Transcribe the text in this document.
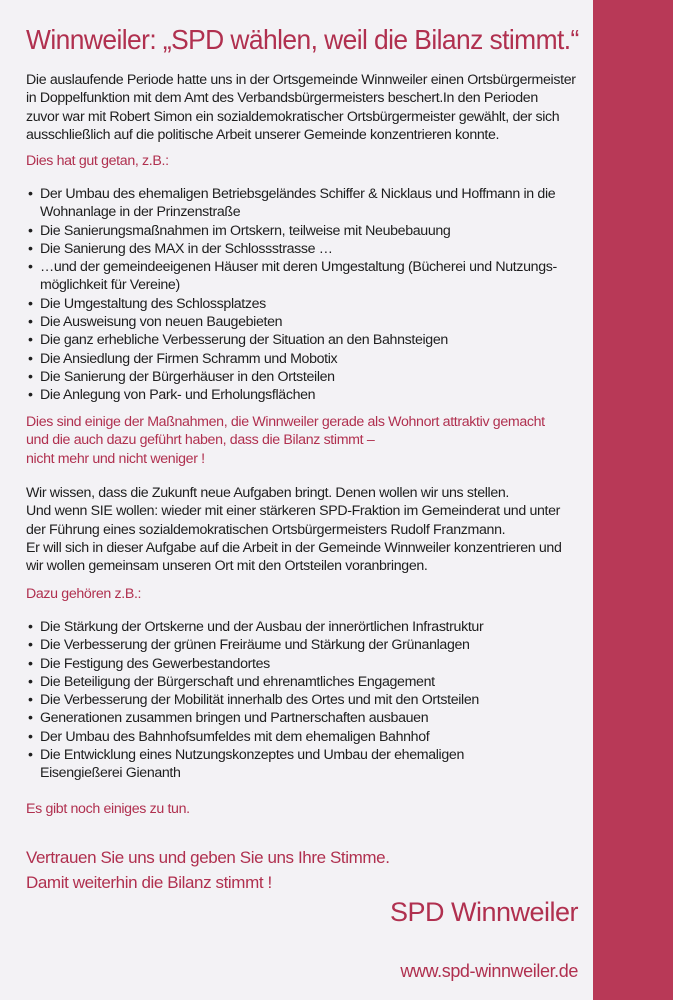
Winnweiler: „SPD wählen, weil die Bilanz stimmt.“
Die auslaufende Periode hatte uns in der Ortsgemeinde Winnweiler einen Ortsbürgermeister
in Doppelfunktion mit dem Amt des Verbandsbürgermeisters beschert.In den Perioden
zuvor war mit Robert Simon ein sozialdemokratischer Ortsbürgermeister gewählt, der sich
ausschließlich auf die politische Arbeit unserer Gemeinde konzentrieren konnte.
Dies hat gut getan, z.B.:
• Der Umbau des ehemaligen Betriebsgeländes Schiffer & Nicklaus und Hoffmann in die
Wohnanlage in der Prinzenstraße
• Die Sanierungsmaßnahmen im Ortskern, teilweise mit Neubebauung
• Die Sanierung des MAX in der Schlossstrasse …
• …und der gemeindeeigenen Häuser mit deren Umgestaltung (Bücherei und Nutzungs-
möglichkeit für Vereine)
• Die Umgestaltung des Schlossplatzes
• Die Ausweisung von neuen Baugebieten
• Die ganz erhebliche Verbesserung der Situation an den Bahnsteigen
• Die Ansiedlung der Firmen Schramm und Mobotix
• Die Sanierung der Bürgerhäuser in den Ortsteilen
• Die Anlegung von Park- und Erholungsflächen
Dies sind einige der Maßnahmen, die Winnweiler gerade als Wohnort attraktiv gemacht
und die auch dazu geführt haben, dass die Bilanz stimmt –
nicht mehr und nicht weniger !
Wir wissen, dass die Zukunft neue Aufgaben bringt. Denen wollen wir uns stellen.
Und wenn SIE wollen: wieder mit einer stärkeren SPD-Fraktion im Gemeinderat und unter
der Führung eines sozialdemokratischen Ortsbürgermeisters Rudolf Franzmann.
Er will sich in dieser Aufgabe auf die Arbeit in der Gemeinde Winnweiler konzentrieren und
wir wollen gemeinsam unseren Ort mit den Ortsteilen voranbringen.
Dazu gehören z.B.:
• Die Stärkung der Ortskerne und der Ausbau der innerörtlichen Infrastruktur
• Die Verbesserung der grünen Freiräume und Stärkung der Grünanlagen
• Die Festigung des Gewerbestandortes
• Die Beteiligung der Bürgerschaft und ehrenamtliches Engagement
• Die Verbesserung der Mobilität innerhalb des Ortes und mit den Ortsteilen
• Generationen zusammen bringen und Partnerschaften ausbauen
• Der Umbau des Bahnhofsumfeldes mit dem ehemaligen Bahnhof
• Die Entwicklung eines Nutzungskonzeptes und Umbau der ehemaligen
Eisengießerei Gienanth
Es gibt noch einiges zu tun.
Vertrauen Sie uns und geben Sie uns Ihre Stimme.
Damit weiterhin die Bilanz stimmt !
SPD Winnweiler
www.spd-winnweiler.de
